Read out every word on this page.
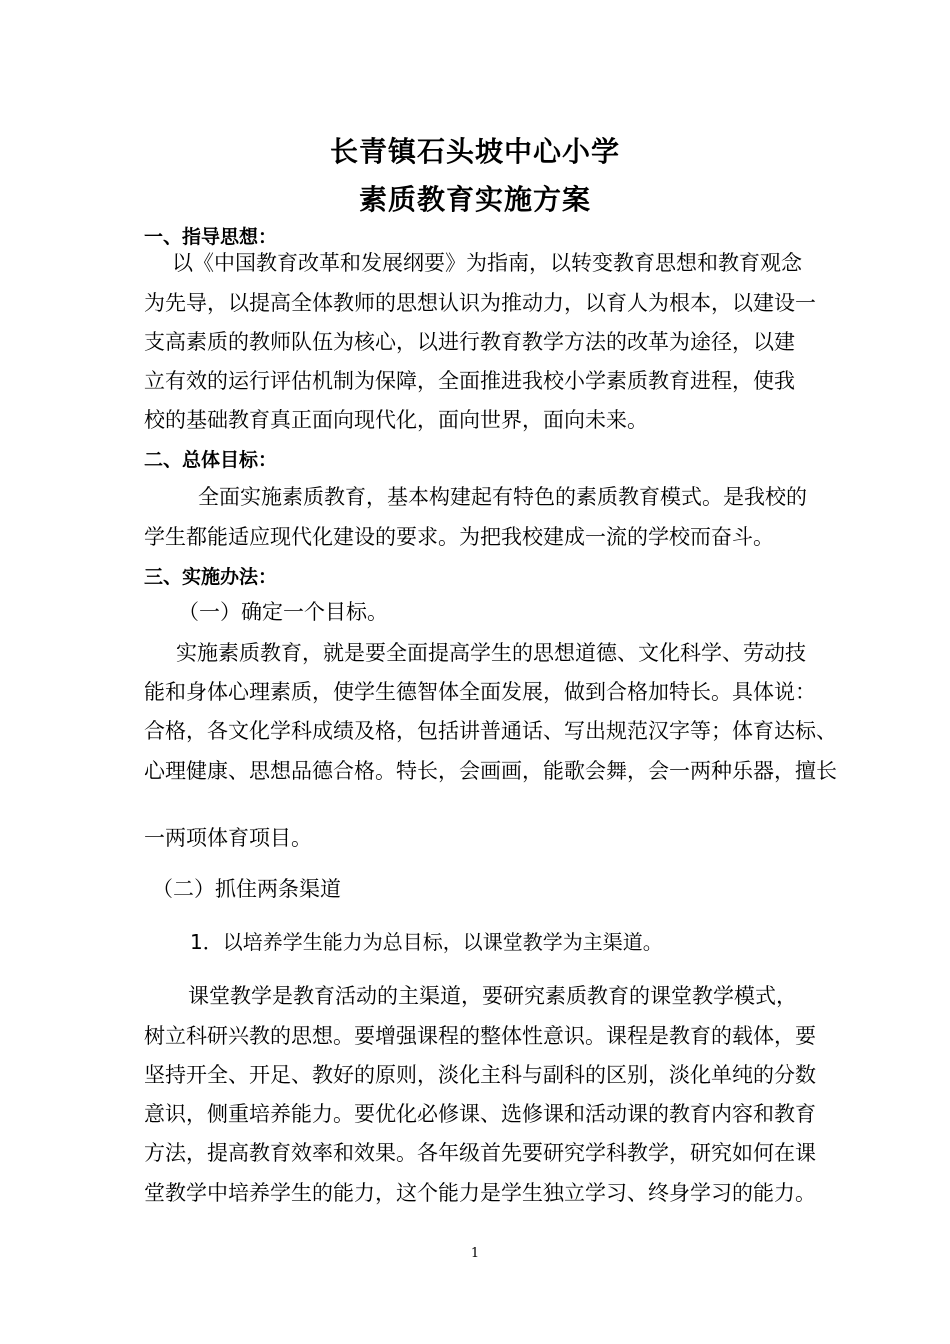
长青镇石头坡中心小学
素质教育实施方案
一、指导思想：
以《中国教育改革和发展纲要》为指南，以转变教育思想和教育观念
为先导，以提高全体教师的思想认识为推动力，以育人为根本，以建设一
支高素质的教师队伍为核心，以进行教育教学方法的改革为途径，以建
立有效的运行评估机制为保障，全面推进我校小学素质教育进程，使我
校的基础教育真正面向现代化，面向世界，面向未来。
二、总体目标：
全面实施素质教育，基本构建起有特色的素质教育模式。是我校的
学生都能适应现代化建设的要求。为把我校建成一流的学校而奋斗。
三、实施办法：
（一）确定一个目标。
实施素质教育，就是要全面提高学生的思想道德、文化科学、劳动技
能和身体心理素质，使学生德智体全面发展，做到合格加特长。具体说：
合格，各文化学科成绩及格，包括讲普通话、写出规范汉字等；体育达标、
心理健康、思想品德合格。特长，会画画，能歌会舞，会一两种乐器，擅长
一两项体育项目。
（二）抓住两条渠道
1．以培养学生能力为总目标，以课堂教学为主渠道。
课堂教学是教育活动的主渠道，要研究素质教育的课堂教学模式，
树立科研兴教的思想。要增强课程的整体性意识。课程是教育的载体，要
坚持开全、开足、教好的原则，淡化主科与副科的区别，淡化单纯的分数
意识，侧重培养能力。要优化必修课、选修课和活动课的教育内容和教育
方法，提高教育效率和效果。各年级首先要研究学科教学，研究如何在课
堂教学中培养学生的能力，这个能力是学生独立学习、终身学习的能力。
1
